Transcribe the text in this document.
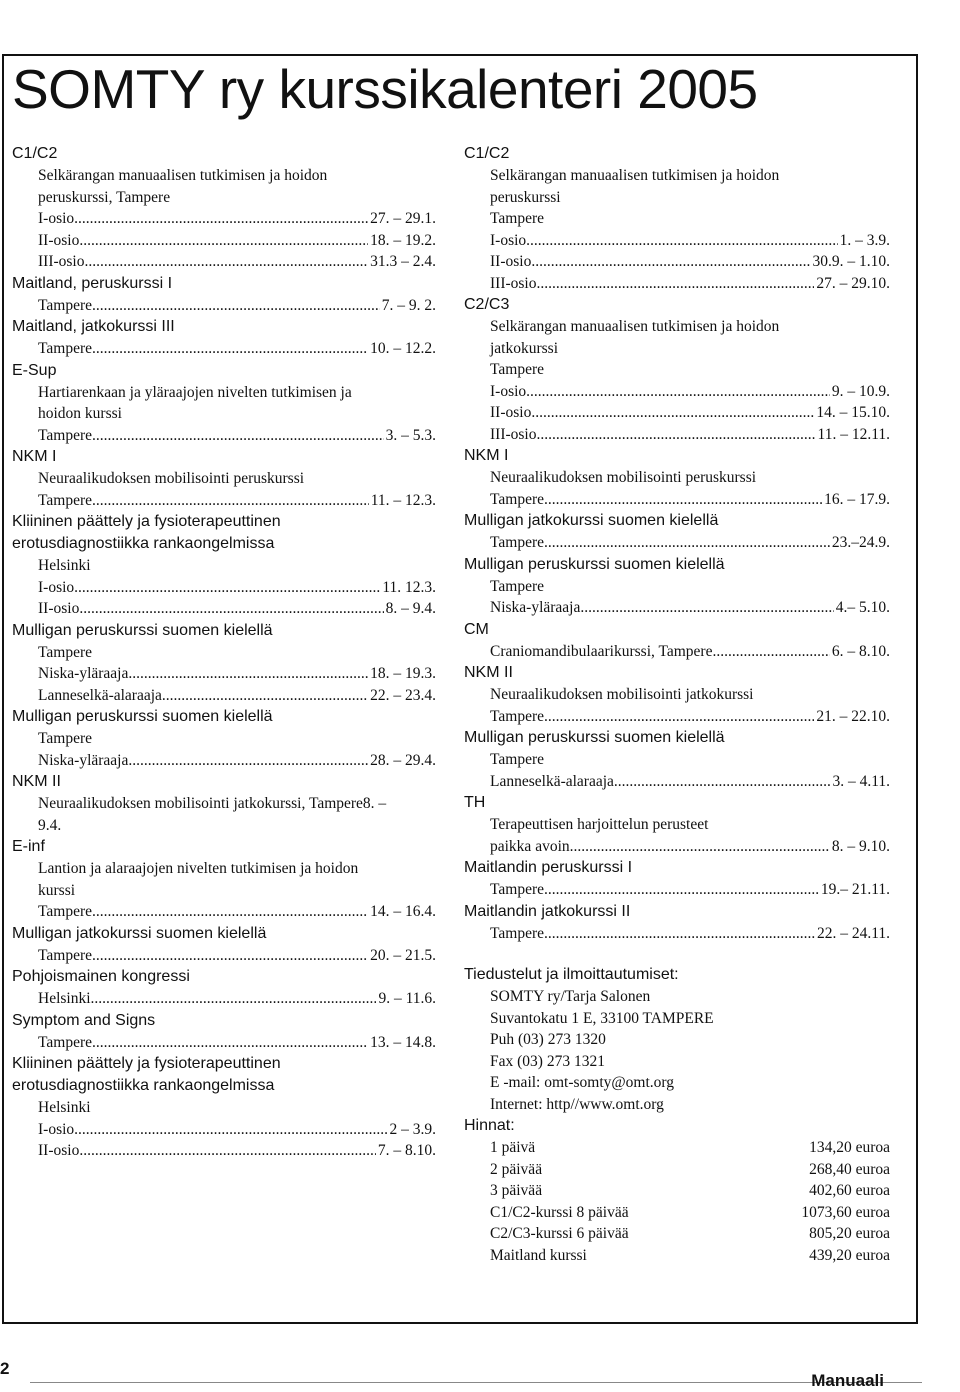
SOMTY ry kurssikalenteri 2005
C1/C2
Selkärangan manuaalisen tutkimisen ja hoidon
peruskurssi, Tampere
I-osio .....	27. – 29.1.
II-osio .....	18. – 19.2.
III-osio .....	31.3 – 2.4.
Maitland, peruskurssi I
Tampere .....	7. – 9. 2.
Maitland, jatkokurssi III
Tampere .....	10. – 12.2.
E-Sup
Hartiarenkaan ja yläraajojen nivelten tutkimisen ja
hoidon kurssi
Tampere .....	3. – 5.3.
NKM I
Neuraalikudoksen mobilisointi peruskurssi
Tampere .....	11. – 12.3.
Kliininen päättely ja fysioterapeuttinen
erotusdiagnostiikka rankaongelmissa
Helsinki
I-osio .....	11. 12.3.
II-osio .....	8. – 9.4.
Mulligan peruskurssi suomen kielellä
Tampere
Niska-yläraaja .....	18. – 19.3.
Lanneselkä-alaraaja .....	22. – 23.4.
Mulligan peruskurssi suomen kielellä
Tampere
Niska-yläraaja .....	28. – 29.4.
NKM II
Neuraalikudoksen mobilisointi jatkokurssi, Tampere8. –
9.4.
E-inf
Lantion ja alaraajojen nivelten tutkimisen ja hoidon
kurssi
Tampere .....	14. – 16.4.
Mulligan jatkokurssi suomen kielellä
Tampere .....	20. – 21.5.
Pohjoismainen kongressi
Helsinki .....	9. – 11.6.
Symptom and Signs
Tampere .....	13. – 14.8.
Kliininen päättely ja fysioterapeuttinen
erotusdiagnostiikka rankaongelmissa
Helsinki
I-osio .....	2 – 3.9.
II-osio .....	7. – 8.10.
C1/C2
Selkärangan manuaalisen tutkimisen ja hoidon
peruskurssi
Tampere
I-osio .....	1. – 3.9.
II-osio .....	30.9. – 1.10.
III-osio .....	27. – 29.10.
C2/C3
Selkärangan manuaalisen tutkimisen ja hoidon
jatkokurssi
Tampere
I-osio .....	9. – 10.9.
II-osio .....	14. – 15.10.
III-osio .....	11. – 12.11.
NKM I
Neuraalikudoksen mobilisointi peruskurssi
Tampere .....	16. – 17.9.
Mulligan jatkokurssi suomen kielellä
Tampere .....	23.–24.9.
Mulligan peruskurssi suomen kielellä
Tampere
Niska-yläraaja .....	4.– 5.10.
CM
Craniomandibulaarikurssi, Tampere .....	6. – 8.10.
NKM II
Neuraalikudoksen mobilisointi jatkokurssi
Tampere .....	21. – 22.10.
Mulligan peruskurssi suomen kielellä
Tampere
Lanneselkä-alaraaja .....	3. – 4.11.
TH
Terapeuttisen harjoittelun perusteet
paikka avoin .....	8. – 9.10.
Maitlandin peruskurssi I
Tampere .....	19.– 21.11.
Maitlandin jatkokurssi II
Tampere .....	22. – 24.11.
Tiedustelut ja ilmoittautumiset:
SOMTY ry/Tarja Salonen
Suvantokatu 1 E, 33100 TAMPERE
Puh (03) 273 1320
Fax (03) 273 1321
E -mail: omt-somty@omt.org
Internet: http//www.omt.org
Hinnat:
1 päivä	134,20 euroa
2 päivää	268,40 euroa
3 päivää	402,60 euroa
C1/C2-kurssi 8 päivää	1073,60 euroa
C2/C3-kurssi 6 päivää	805,20 euroa
Maitland kurssi	439,20 euroa
2
Manuaali
